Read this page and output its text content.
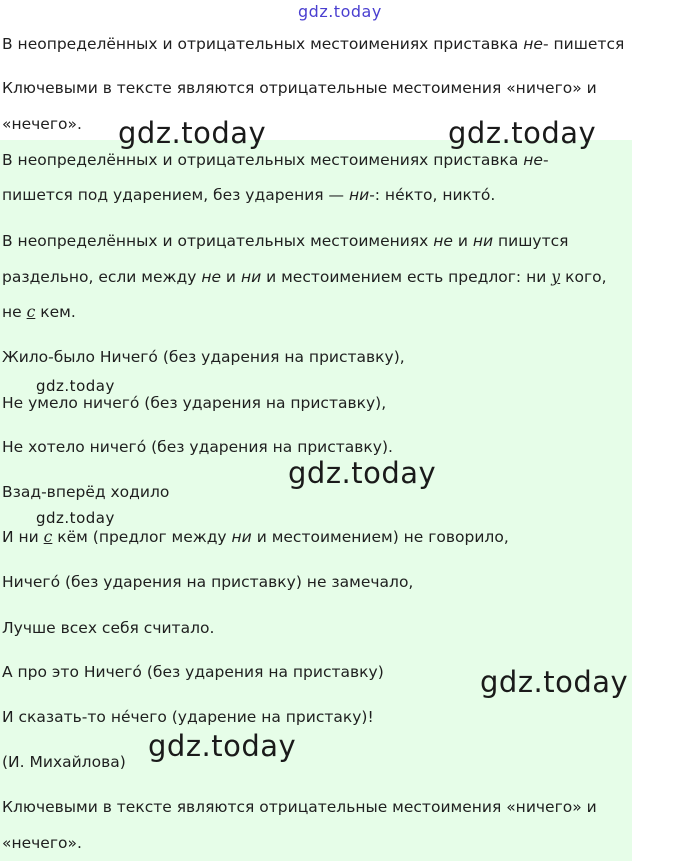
gdz.today
gdz.today	gdz.today
gdz.today
gdz.today
gdz.today
gdz.today
gdz.today
В неопределённых и отрицательных местоимениях приставка не- пишется
Ключевыми в тексте являются отрицательные местоимения «ничего» и
«нечего».
В неопределённых и отрицательных местоимениях приставка не-
пишется под ударением, без ударения — ни-: не́кто, никто́.
В неопределённых и отрицательных местоимениях не и ни пишутся
раздельно, если между не и ни и местоимением есть предлог: ни у кого,
не с кем.
Жило-было Ничего́ (без ударения на приставку),
Не умело ничего́ (без ударения на приставку),
Не хотело ничего́ (без ударения на приставку).
Взад-вперёд ходило
И ни с кём (предлог между ни и местоимением) не говорило,
Ничего́ (без ударения на приставку) не замечало,
Лучше всех себя считало.
А про это Ничего́ (без ударения на приставку)
И сказать-то не́чего (ударение на пристаку)!
(И. Михайлова)
Ключевыми в тексте являются отрицательные местоимения «ничего» и
«нечего».
